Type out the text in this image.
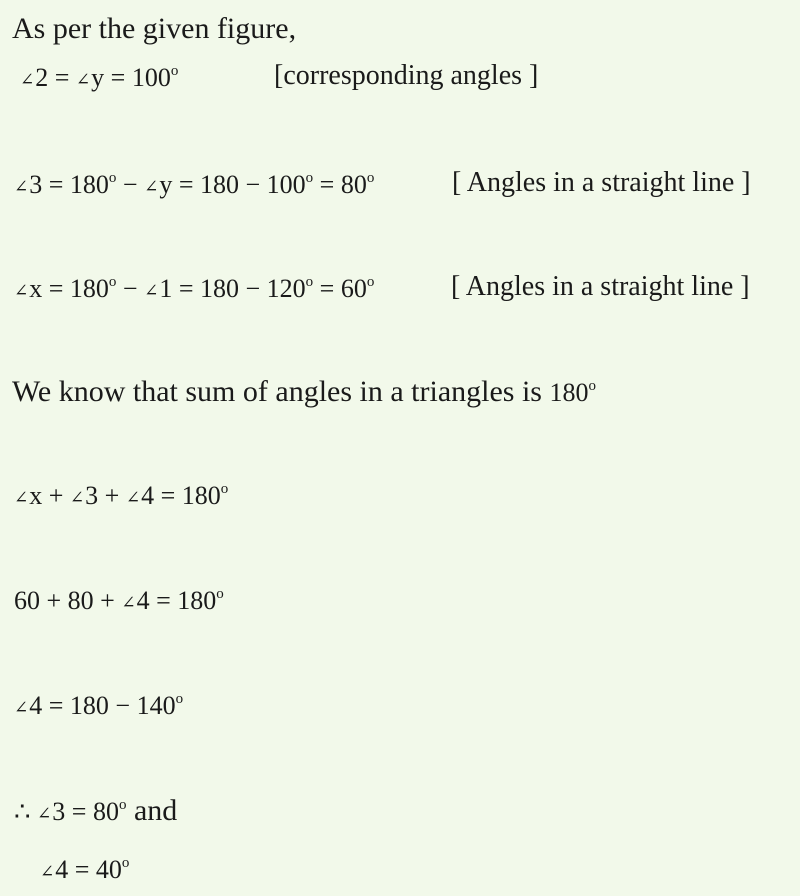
As per the given figure,
∠2 = ∠y = $100^o$	[corresponding angles ]
∠3 = $180^o$ − ∠y = $180 - 100^o = 80^o$	[ Angles in a straight line ]
∠x = $180^o$ − ∠1 = $180 - 120^o = 60^o$	[ Angles in a straight line ]
We know that sum of angles in a triangles is 180o
∠x + ∠3 + ∠4 = $180^o$
60 + 80 + ∠4 = $180^o$
∠4 = $180 - 140^o$
∴ ∠3 = 80o and
∠4 = $40^o$
